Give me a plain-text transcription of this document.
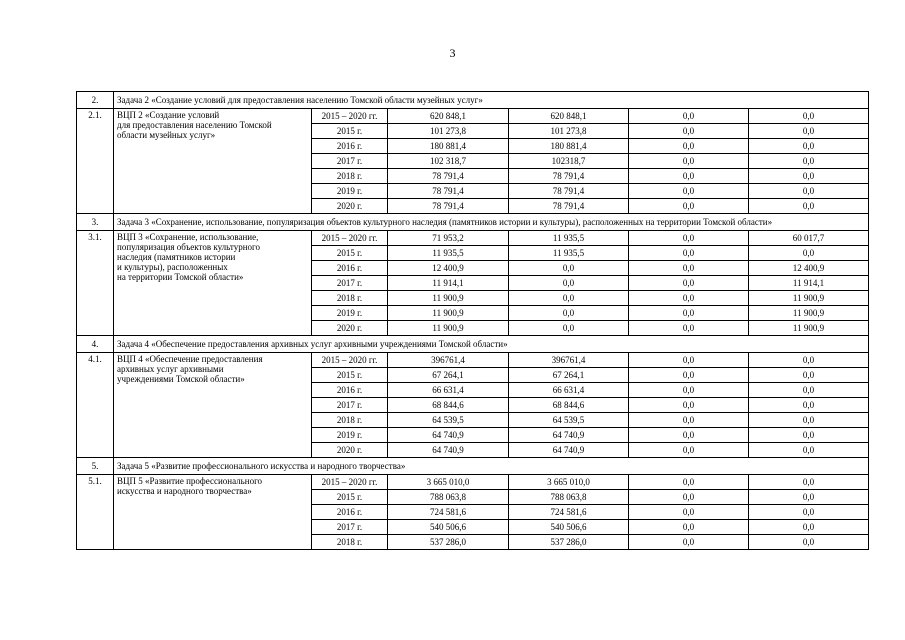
3
2.	Задача 2 «Создание условий для предоставления населению Томской области музейных услуг»					
2.1.	ВЦП 2 «Создание условий
для предоставления населению Томской
области музейных услуг»	2015 – 2020 гг.	620 848,1	620 848,1	0,0	0,0
		2015 г.	101 273,8	101 273,8	0,0	0,0
		2016 г.	180 881,4	180 881,4	0,0	0,0
		2017 г.	102 318,7	102318,7	0,0	0,0
		2018 г.	78 791,4	78 791,4	0,0	0,0
		2019 г.	78 791,4	78 791,4	0,0	0,0
		2020 г.	78 791,4	78 791,4	0,0	0,0
3.	Задача 3 «Сохранение, использование, популяризация объектов культурного наследия (памятников истории и культуры), расположенных на территории Томской области»					
3.1.	ВЦП 3 «Сохранение, использование,
популяризация объектов культурного
наследия (памятников истории
и культуры), расположенных
на территории Томской области»	2015 – 2020 гг.	71 953,2	11 935,5	0,0	60 017,7
		2015 г.	11 935,5	11 935,5	0,0	0,0
		2016 г.	12 400,9	0,0	0,0	12 400,9
		2017 г.	11 914,1	0,0	0,0	11 914,1
		2018 г.	11 900,9	0,0	0,0	11 900,9
		2019 г.	11 900,9	0,0	0,0	11 900,9
		2020 г.	11 900,9	0,0	0,0	11 900,9
4.	Задача 4 «Обеспечение предоставления архивных услуг архивными учреждениями Томской области»					
4.1.	ВЦП 4 «Обеспечение предоставления
архивных услуг архивными
учреждениями Томской области»	2015 – 2020 гг.	396761,4	396761,4	0,0	0,0
		2015 г.	67 264,1	67 264,1	0,0	0,0
		2016 г.	66 631,4	66 631,4	0,0	0,0
		2017 г.	68 844,6	68 844,6	0,0	0,0
		2018 г.	64 539,5	64 539,5	0,0	0,0
		2019 г.	64 740,9	64 740,9	0,0	0,0
		2020 г.	64 740,9	64 740,9	0,0	0,0
5.	Задача 5 «Развитие профессионального искусства и народного творчества»					
5.1.	ВЦП 5 «Развитие профессионального
искусства и народного творчества»	2015 – 2020 гг.	3 665 010,0	3 665 010,0	0,0	0,0
		2015 г.	788 063,8	788 063,8	0,0	0,0
		2016 г.	724 581,6	724 581,6	0,0	0,0
		2017 г.	540 506,6	540 506,6	0,0	0,0
		2018 г.	537 286,0	537 286,0	0,0	0,0
